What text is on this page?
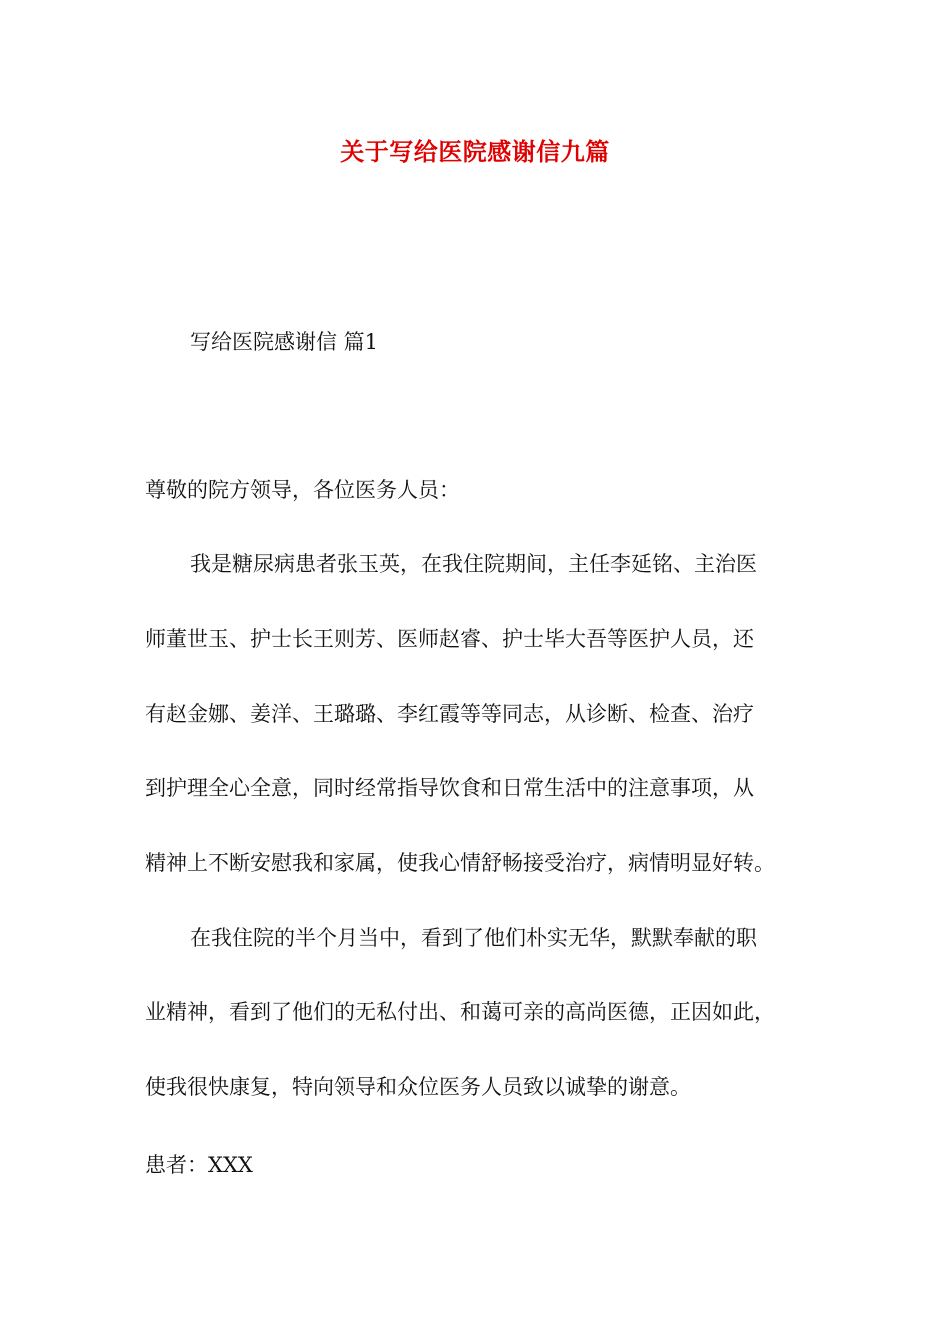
关于写给医院感谢信九篇
写给医院感谢信 篇1
尊敬的院方领导，各位医务人员：
我是糖尿病患者张玉英，在我住院期间，主任李延铭、主治医
师董世玉、护士长王则芳、医师赵睿、护士毕大吾等医护人员，还
有赵金娜、姜洋、王璐璐、李红霞等等同志，从诊断、检查、治疗
到护理全心全意，同时经常指导饮食和日常生活中的注意事项，从
精神上不断安慰我和家属，使我心情舒畅接受治疗，病情明显好转。
在我住院的半个月当中，看到了他们朴实无华，默默奉献的职
业精神，看到了他们的无私付出、和蔼可亲的高尚医德，正因如此，
使我很快康复，特向领导和众位医务人员致以诚挚的谢意。
患者：XXX
